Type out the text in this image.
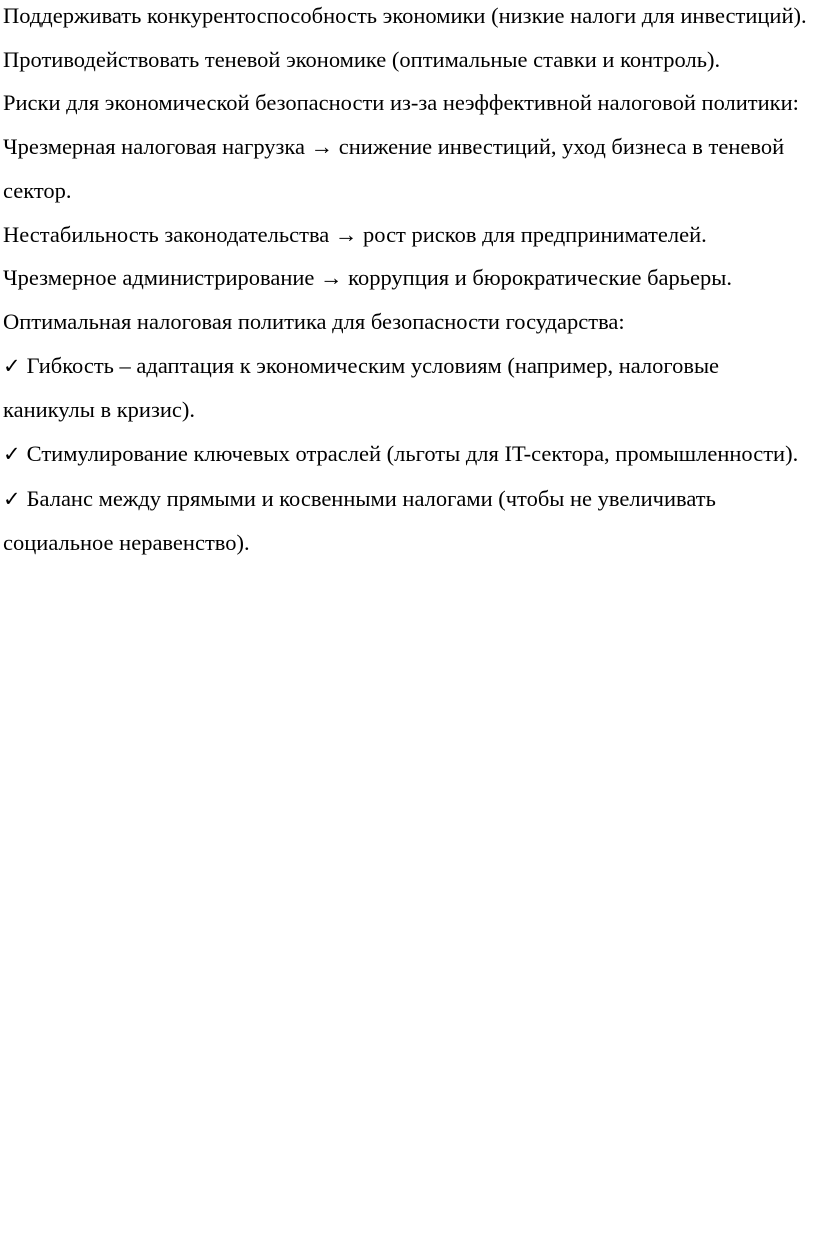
Поддерживать конкурентоспособность экономики (низкие налоги для инвестиций).

Противодействовать теневой экономике (оптимальные ставки и контроль).

Риски для экономической безопасности из-за неэффективной налоговой политики:

Чрезмерная налоговая нагрузка → снижение инвестиций, уход бизнеса в теневой сектор.

Нестабильность законодательства → рост рисков для предпринимателей.

Чрезмерное администрирование → коррупция и бюрократические барьеры.

Оптимальная налоговая политика для безопасности государства:

✓ Гибкость – адаптация к экономическим условиям (например, налоговые каникулы в кризис).

✓ Стимулирование ключевых отраслей (льготы для IT-сектора, промышленности).

✓ Баланс между прямыми и косвенными налогами (чтобы не увеличивать социальное неравенство).
